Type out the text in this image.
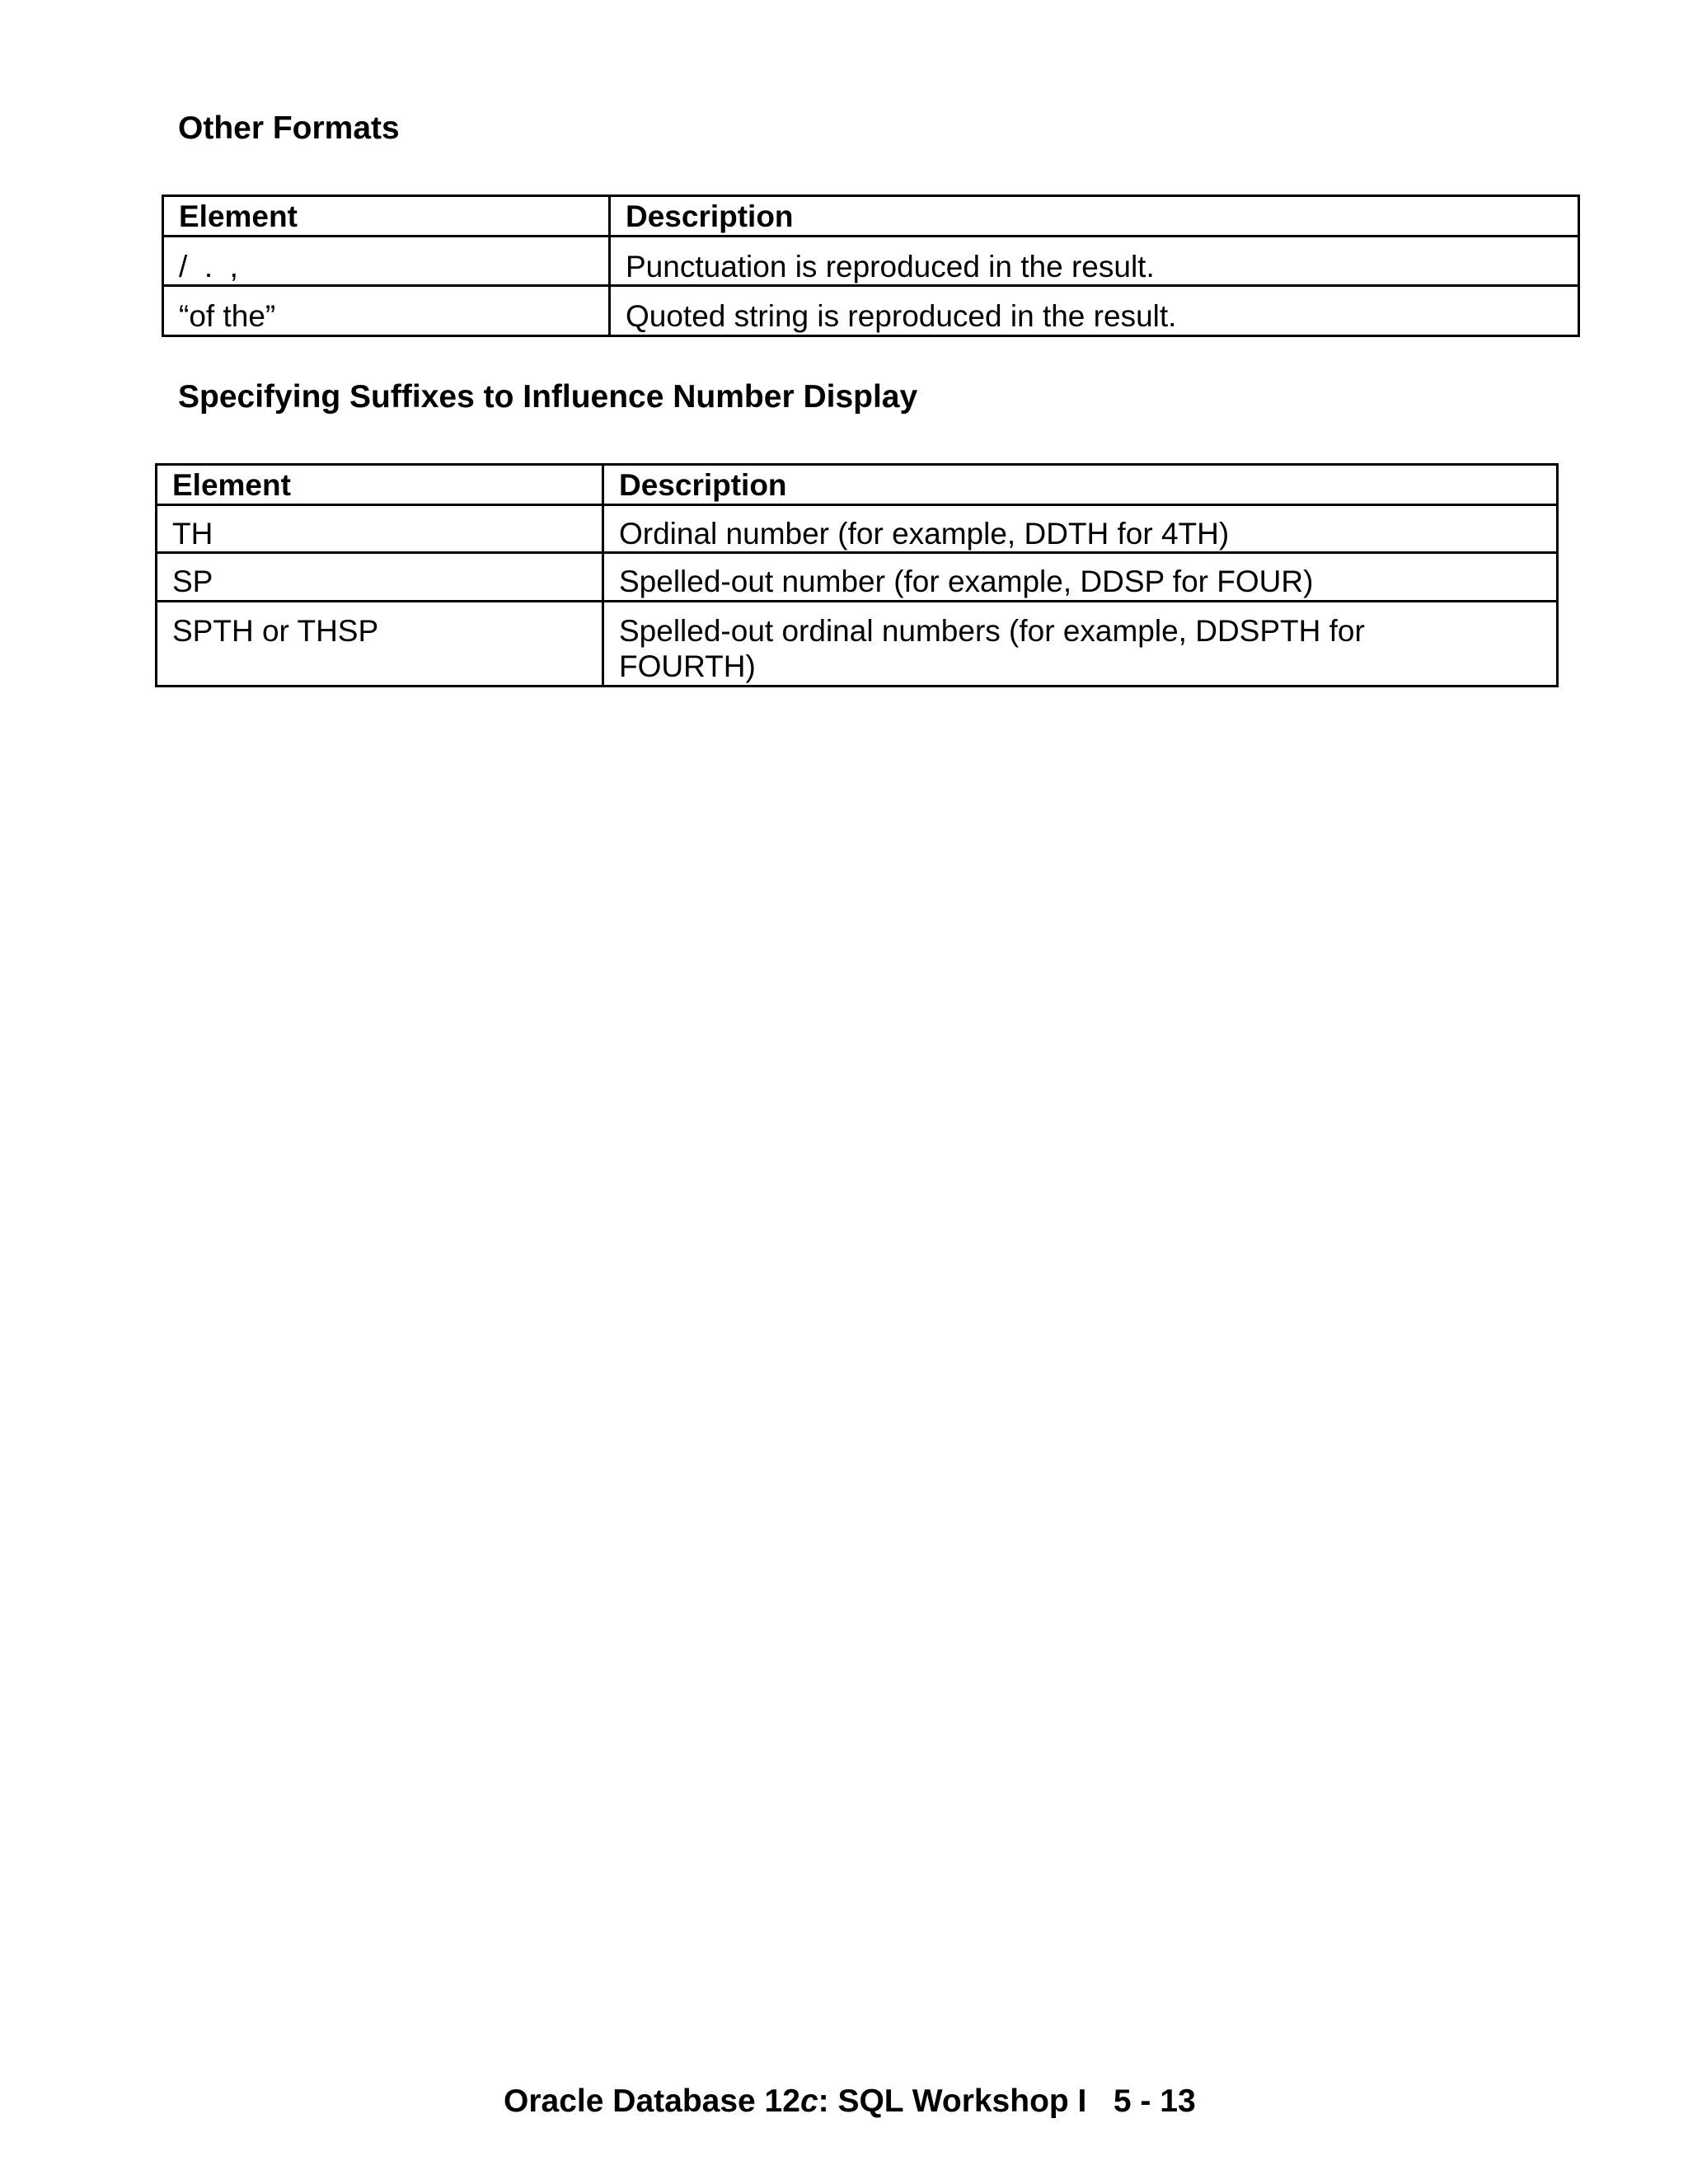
Other Formats
Element	Description
/  .  ,	Punctuation is reproduced in the result.
“of the”	Quoted string is reproduced in the result.
Specifying Suffixes to Influence Number Display
Element	Description
TH	Ordinal number (for example, DDTH for 4TH)
SP	Spelled-out number (for example, DDSP for FOUR)
SPTH or THSP	Spelled-out ordinal numbers (for example, DDSPTH for FOURTH)

Oracle Database 12c: SQL Workshop I 5 - 13
